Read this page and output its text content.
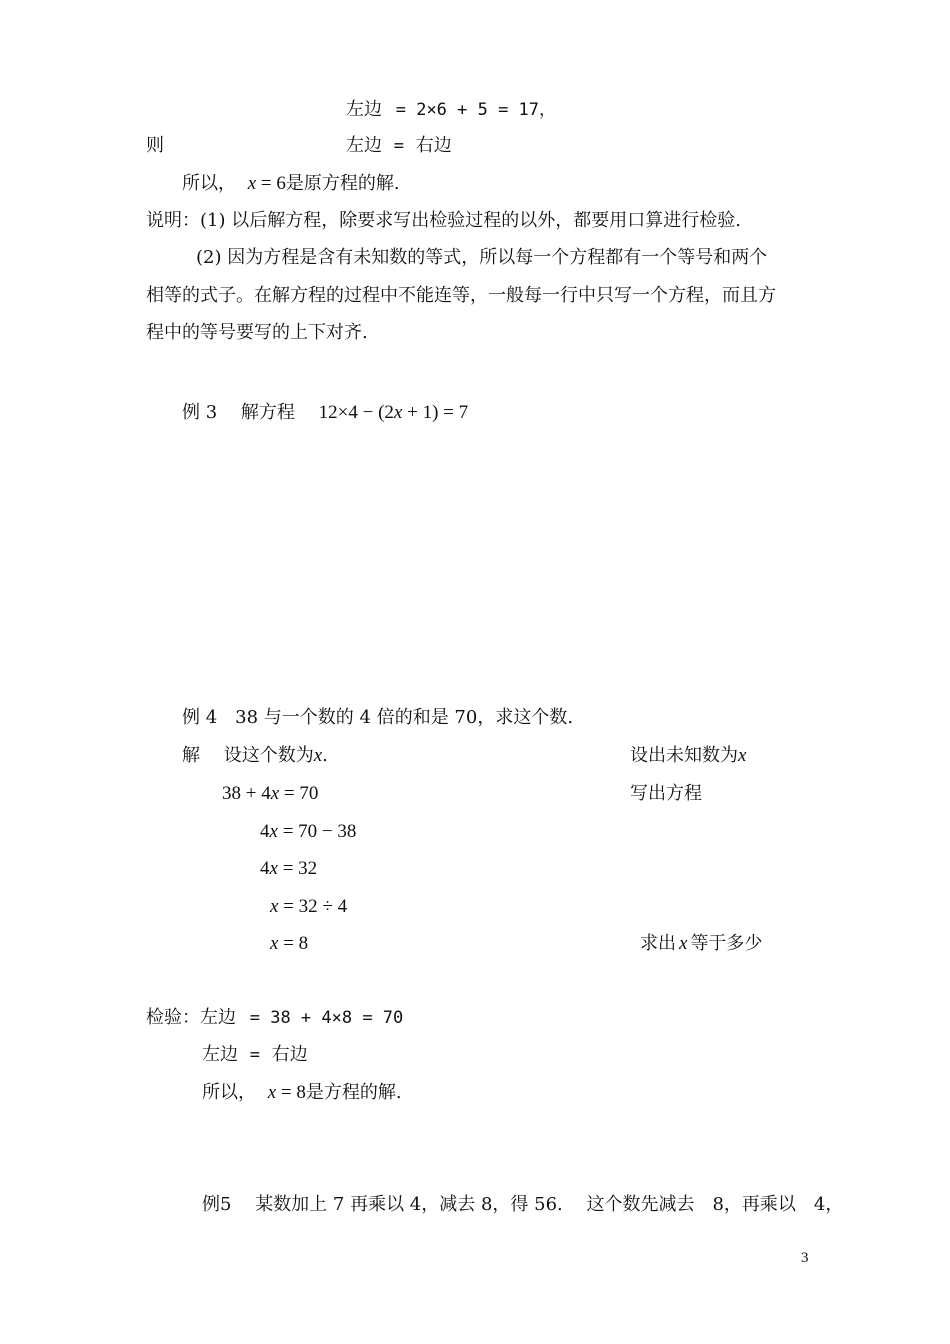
左边 = 2×6 + 5 = 17，
则	左边 = 右边
所以， x = 6是原方程的解.
说明：(1) 以后解方程，除要求写出检验过程的以外，都要用口算进行检验.
(2) 因为方程是含有未知数的等式，所以每一个方程都有一个等号和两个
相等的式子。在解方程的过程中不能连等，一般每一行中只写一个方程，而且方
程中的等号要写的上下对齐.
例 3 解方程 12×4 − (2x + 1) = 7
例 4　38 与一个数的 4 倍的和是 70，求这个数.
解 设这个数为x.	设出未知数为x
38 + 4x = 70	写出方程
4x = 70 − 38
4x = 32
x = 32 ÷ 4
x = 8	求出 x 等于多少
检验：左边 = 38 + 4×8 = 70
左边 = 右边
所以， x = 8是方程的解.
例5　 某数加上 7 再乘以 4，减去 8，得 56.　 这个数先减去　8，再乘以　4，
3
